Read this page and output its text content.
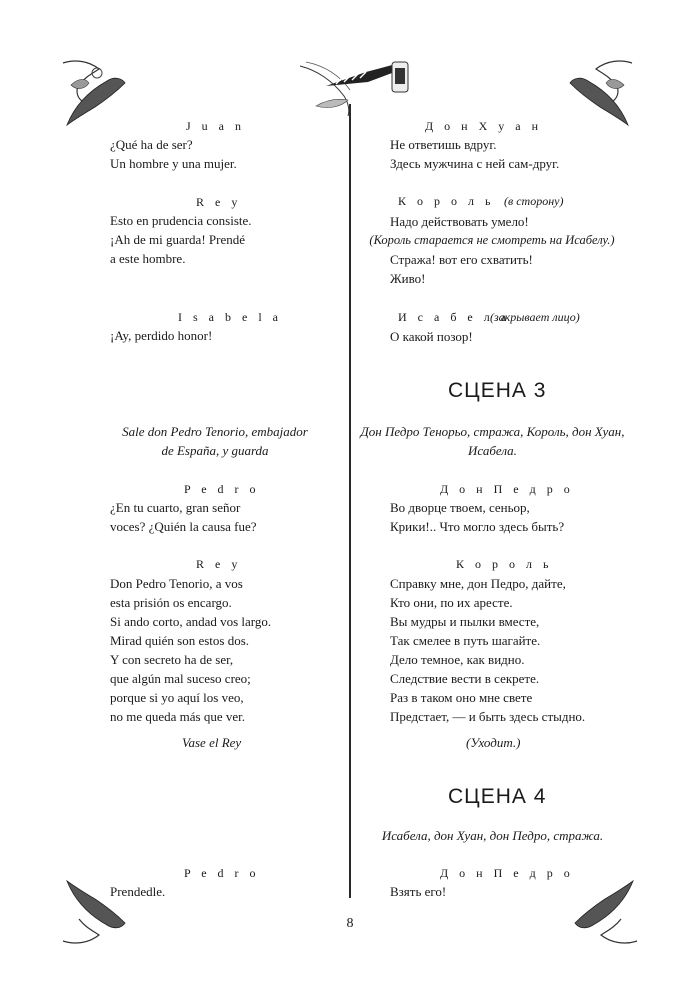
J u a n
¿Qué ha de ser?
Un hombre y una mujer.
R e y
Esto en prudencia consiste.
¡Ah de mi guarda! Prendé
a este hombre.
I s a b e l a
¡Ay, perdido honor!
Sale don Pedro Tenorio, embajador
de España, y guarda
P e d r o
¿En tu cuarto, gran señor
voces? ¿Quién la causa fue?
R e y
Don Pedro Tenorio, a vos
esta prisión os encargo.
Si ando corto, andad vos largo.
Mirad quién son estos dos.
Y con secreto ha de ser,
que algún mal suceso creo;
porque si yo aquí los veo,
no me queda más que ver.
Vase el Rey
P e d r o
Prendedle.
Д о н Х у а н
Не ответишь вдруг.
Здесь мужчина с ней сам-друг.
К о р о л ь (в сторону)
Надо действовать умело!
(Король старается не смотреть на Исабелу.)
Стража! вот его схватить!
Живо!
И с а б е л а
(закрывает лицо)
О какой позор!
СЦЕНА 3
Дон Педро Тенорьо, стража, Король, дон Хуан,
Исабела.
Д о н П е д р о
Во дворце твоем, сеньор,
Крики!.. Что могло здесь быть?
К о р о л ь
Справку мне, дон Педро, дайте,
Кто они, по их аресте.
Вы мудры и пылки вместе,
Так смелее в путь шагайте.
Дело темное, как видно.
Следствие вести в секрете.
Раз в таком оно мне свете
Предстает, — и быть здесь стыдно.
(Уходит.)
СЦЕНА 4
Исабела, дон Хуан, дон Педро, стража.
Д о н П е д р о
Взять его!
8
